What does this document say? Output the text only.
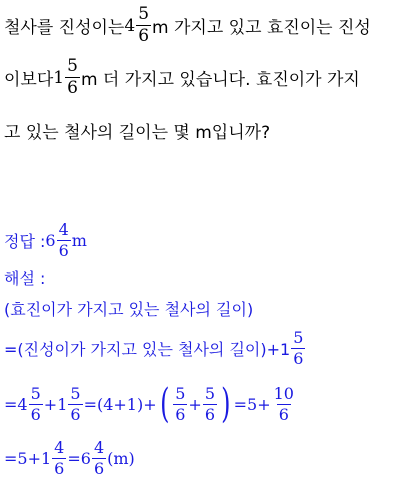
철사를 진성이는 $4 \frac{5}{6}$ m 가지고 있고 효진이는 진성
이보다 $1 \frac{5}{6}$ m 더 가지고 있습니다. 효진이가 가지
고 있는 철사의 길이는 몇 m입니까?
정답 : $6 \frac{4}{6}$ m
해설 :
(효진이가 가지고 있는 철사의 길이)
=(진성이가 가지고 있는 철사의 길이)$+1 \frac{5}{6}$
$=4 \frac{5}{6} +1 \frac{5}{6} =(4+1)+$ ( $\frac{5}{6} + \frac{5}{6}$ ) $=5+ \frac{10}{6}$
$=5+1 \frac{4}{6} =6 \frac{4}{6} (m)$
